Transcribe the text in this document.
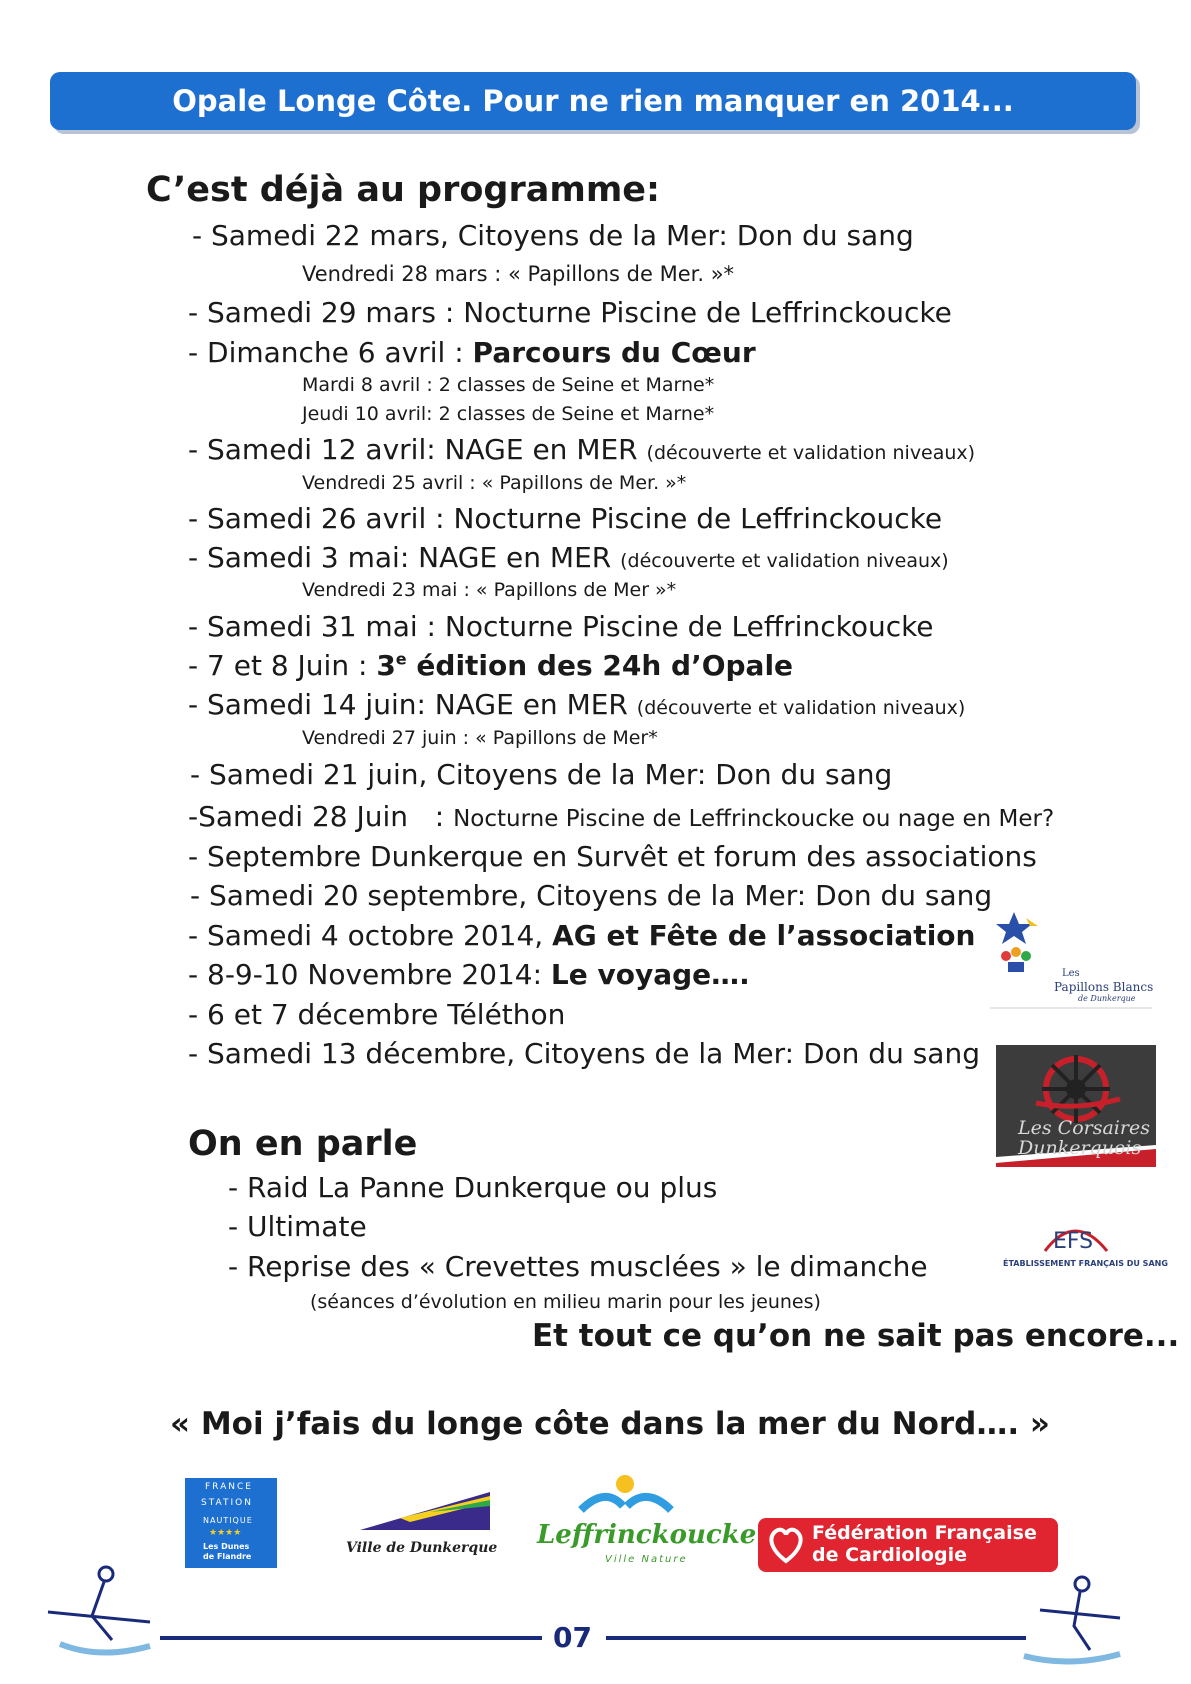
Opale Longe Côte. Pour ne rien manquer en 2014...
C’est déjà au programme:
- Samedi 22 mars, Citoyens de la Mer: Don du sang
Vendredi 28 mars : « Papillons de Mer. »*
- Samedi 29 mars : Nocturne Piscine de Leffrinckoucke
- Dimanche 6 avril : Parcours du Cœur
Mardi 8 avril : 2 classes de Seine et Marne*
Jeudi 10 avril: 2 classes de Seine et Marne*
- Samedi 12 avril: NAGE en MER (découverte et validation niveaux)
Vendredi 25 avril : « Papillons de Mer. »*
- Samedi 26 avril : Nocturne Piscine de Leffrinckoucke
- Samedi 3 mai: NAGE en MER (découverte et validation niveaux)
Vendredi 23 mai : « Papillons de Mer »*
- Samedi 31 mai : Nocturne Piscine de Leffrinckoucke
- 7 et 8 Juin : 3e édition des 24h d’Opale
- Samedi 14 juin: NAGE en MER (découverte et validation niveaux)
Vendredi 27 juin : « Papillons de Mer*
- Samedi 21 juin, Citoyens de la Mer: Don du sang
-Samedi 28 Juin   : Nocturne Piscine de Leffrinckoucke ou nage en Mer?
- Septembre Dunkerque en Survêt et forum des associations
- Samedi 20 septembre, Citoyens de la Mer: Don du sang
- Samedi 4 octobre 2014, AG et Fête de l’association
- 8-9-10 Novembre 2014: Le voyage….
- 6 et 7 décembre Téléthon
- Samedi 13 décembre, Citoyens de la Mer: Don du sang
On en parle
- Raid La Panne Dunkerque ou plus
- Ultimate
- Reprise des « Crevettes musclées » le dimanche
(séances d’évolution en milieu marin pour les jeunes)
Et tout ce qu’on ne sait pas encore...
« Moi j’fais du longe côte dans la mer du Nord…. »
Les
Papillons Blancs
de Dunkerque
Les Corsaires
Dunkerquois
EFS
ÉTABLISSEMENT FRANÇAIS DU SANG
FRANCE
STATION
NAUTIQUE
★★★★
Les Dunes
de Flandre
Ville de Dunkerque Leffrinckoucke
Ville Nature
Fédération Française
de Cardiologie
07
